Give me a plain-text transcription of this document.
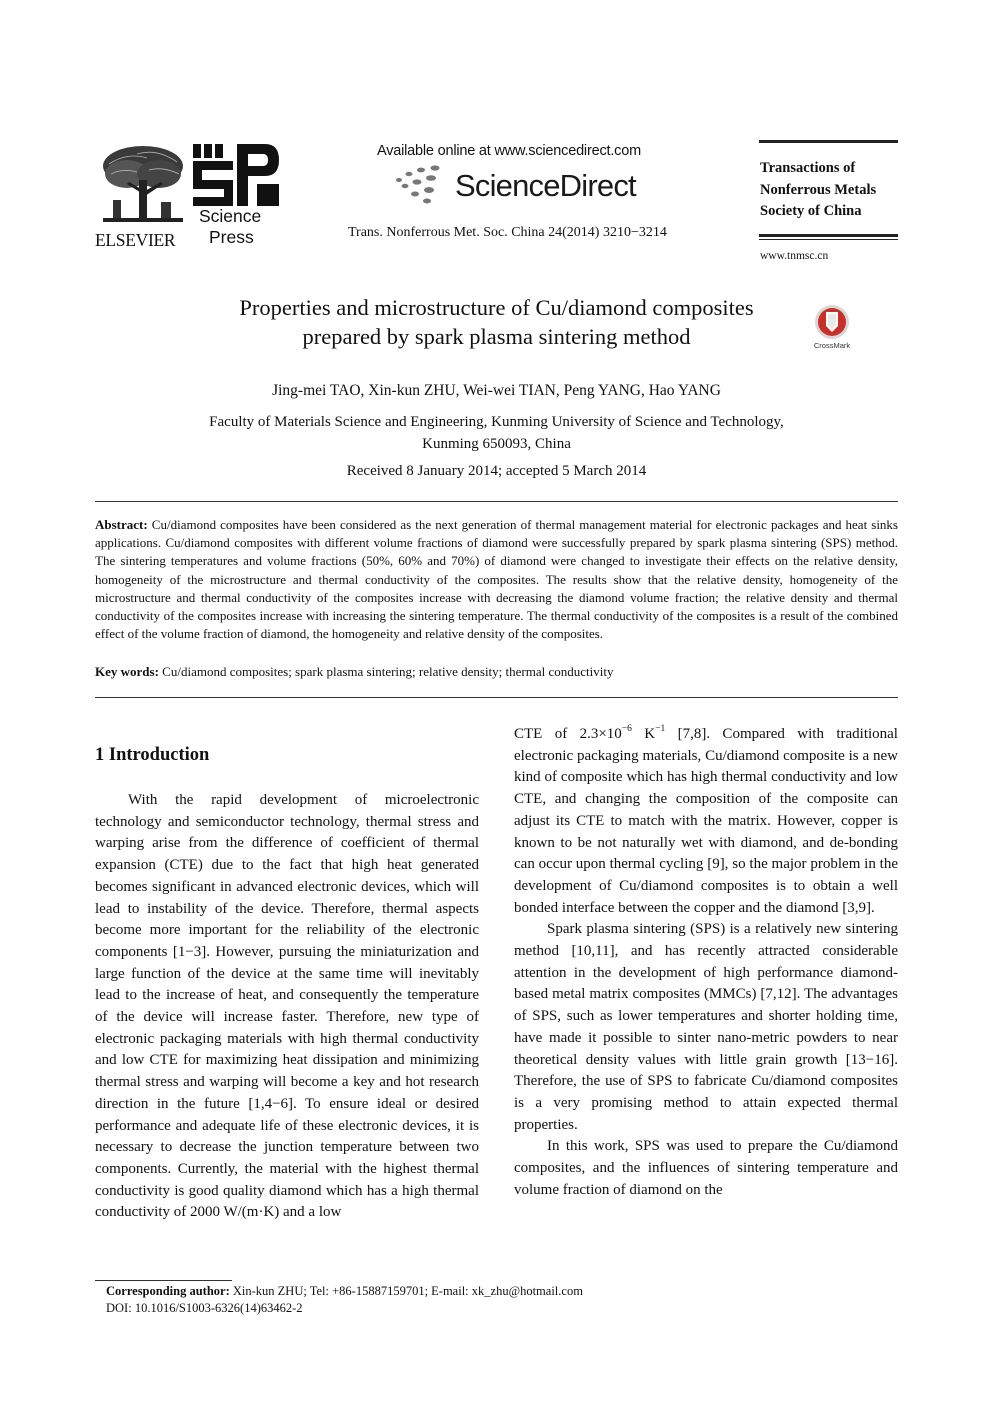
ELSEVIER
Science
Press
Available online at www.sciencedirect.com
ScienceDirect
Trans. Nonferrous Met. Soc. China 24(2014) 3210−3214
Transactions of
Nonferrous Metals
Society of China
www.tnmsc.cn
Properties and microstructure of Cu/diamond composites
prepared by spark plasma sintering method	CrossMark
Jing-mei TAO, Xin-kun ZHU, Wei-wei TIAN, Peng YANG, Hao YANG
Faculty of Materials Science and Engineering, Kunming University of Science and Technology,
Kunming 650093, China
Received 8 January 2014; accepted 5 March 2014
Abstract: Cu/diamond composites have been considered as the next generation of thermal management material for electronic packages and heat sinks applications. Cu/diamond composites with different volume fractions of diamond were successfully prepared by spark plasma sintering (SPS) method. The sintering temperatures and volume fractions (50%, 60% and 70%) of diamond were changed to investigate their effects on the relative density, homogeneity of the microstructure and thermal conductivity of the composites. The results show that the relative density, homogeneity of the microstructure and thermal conductivity of the composites increase with decreasing the diamond volume fraction; the relative density and thermal conductivity of the composites increase with increasing the sintering temperature. The thermal conductivity of the composites is a result of the combined effect of the volume fraction of diamond, the homogeneity and relative density of the composites.
Key words: Cu/diamond composites; spark plasma sintering; relative density; thermal conductivity
1 Introduction

With the rapid development of microelectronic technology and semiconductor technology, thermal stress and warping arise from the difference of coefficient of thermal expansion (CTE) due to the fact that high heat generated becomes significant in advanced electronic devices, which will lead to instability of the device. Therefore, thermal aspects become more important for the reliability of the electronic components [1−3]. However, pursuing the miniaturization and large function of the device at the same time will inevitably lead to the increase of heat, and consequently the temperature of the device will increase faster. Therefore, new type of electronic packaging materials with high thermal conductivity and low CTE for maximizing heat dissipation and minimizing thermal stress and warping will become a key and hot research direction in the future [1,4−6]. To ensure ideal or desired performance and adequate life of these electronic devices, it is necessary to decrease the junction temperature between two components. Currently, the material with the highest thermal conductivity is good quality diamond which has a high thermal conductivity of 2000 W/(m·K) and a low

CTE of $2.3\times 10^{-6}$ $K^{-1}$ [7,8]. Compared with traditional electronic packaging materials, Cu/diamond composite is a new kind of composite which has high thermal conductivity and low CTE, and changing the composition of the composite can adjust its CTE to match with the matrix. However, copper is known to be not naturally wet with diamond, and de-bonding can occur upon thermal cycling [9], so the major problem in the development of Cu/diamond composites is to obtain a well bonded interface between the copper and the diamond [3,9].

Spark plasma sintering (SPS) is a relatively new sintering method [10,11], and has recently attracted considerable attention in the development of high performance diamond-based metal matrix composites (MMCs) [7,12]. The advantages of SPS, such as lower temperatures and shorter holding time, have made it possible to sinter nano-metric powders to near theoretical density values with little grain growth [13−16]. Therefore, the use of SPS to fabricate Cu/diamond composites is a very promising method to attain expected thermal properties.

In this work, SPS was used to prepare the Cu/diamond composites, and the influences of sintering temperature and volume fraction of diamond on the

Corresponding author: Xin-kun ZHU; Tel: +86-15887159701; E-mail: xk_zhu@hotmail.com
DOI: 10.1016/S1003-6326(14)63462-2
